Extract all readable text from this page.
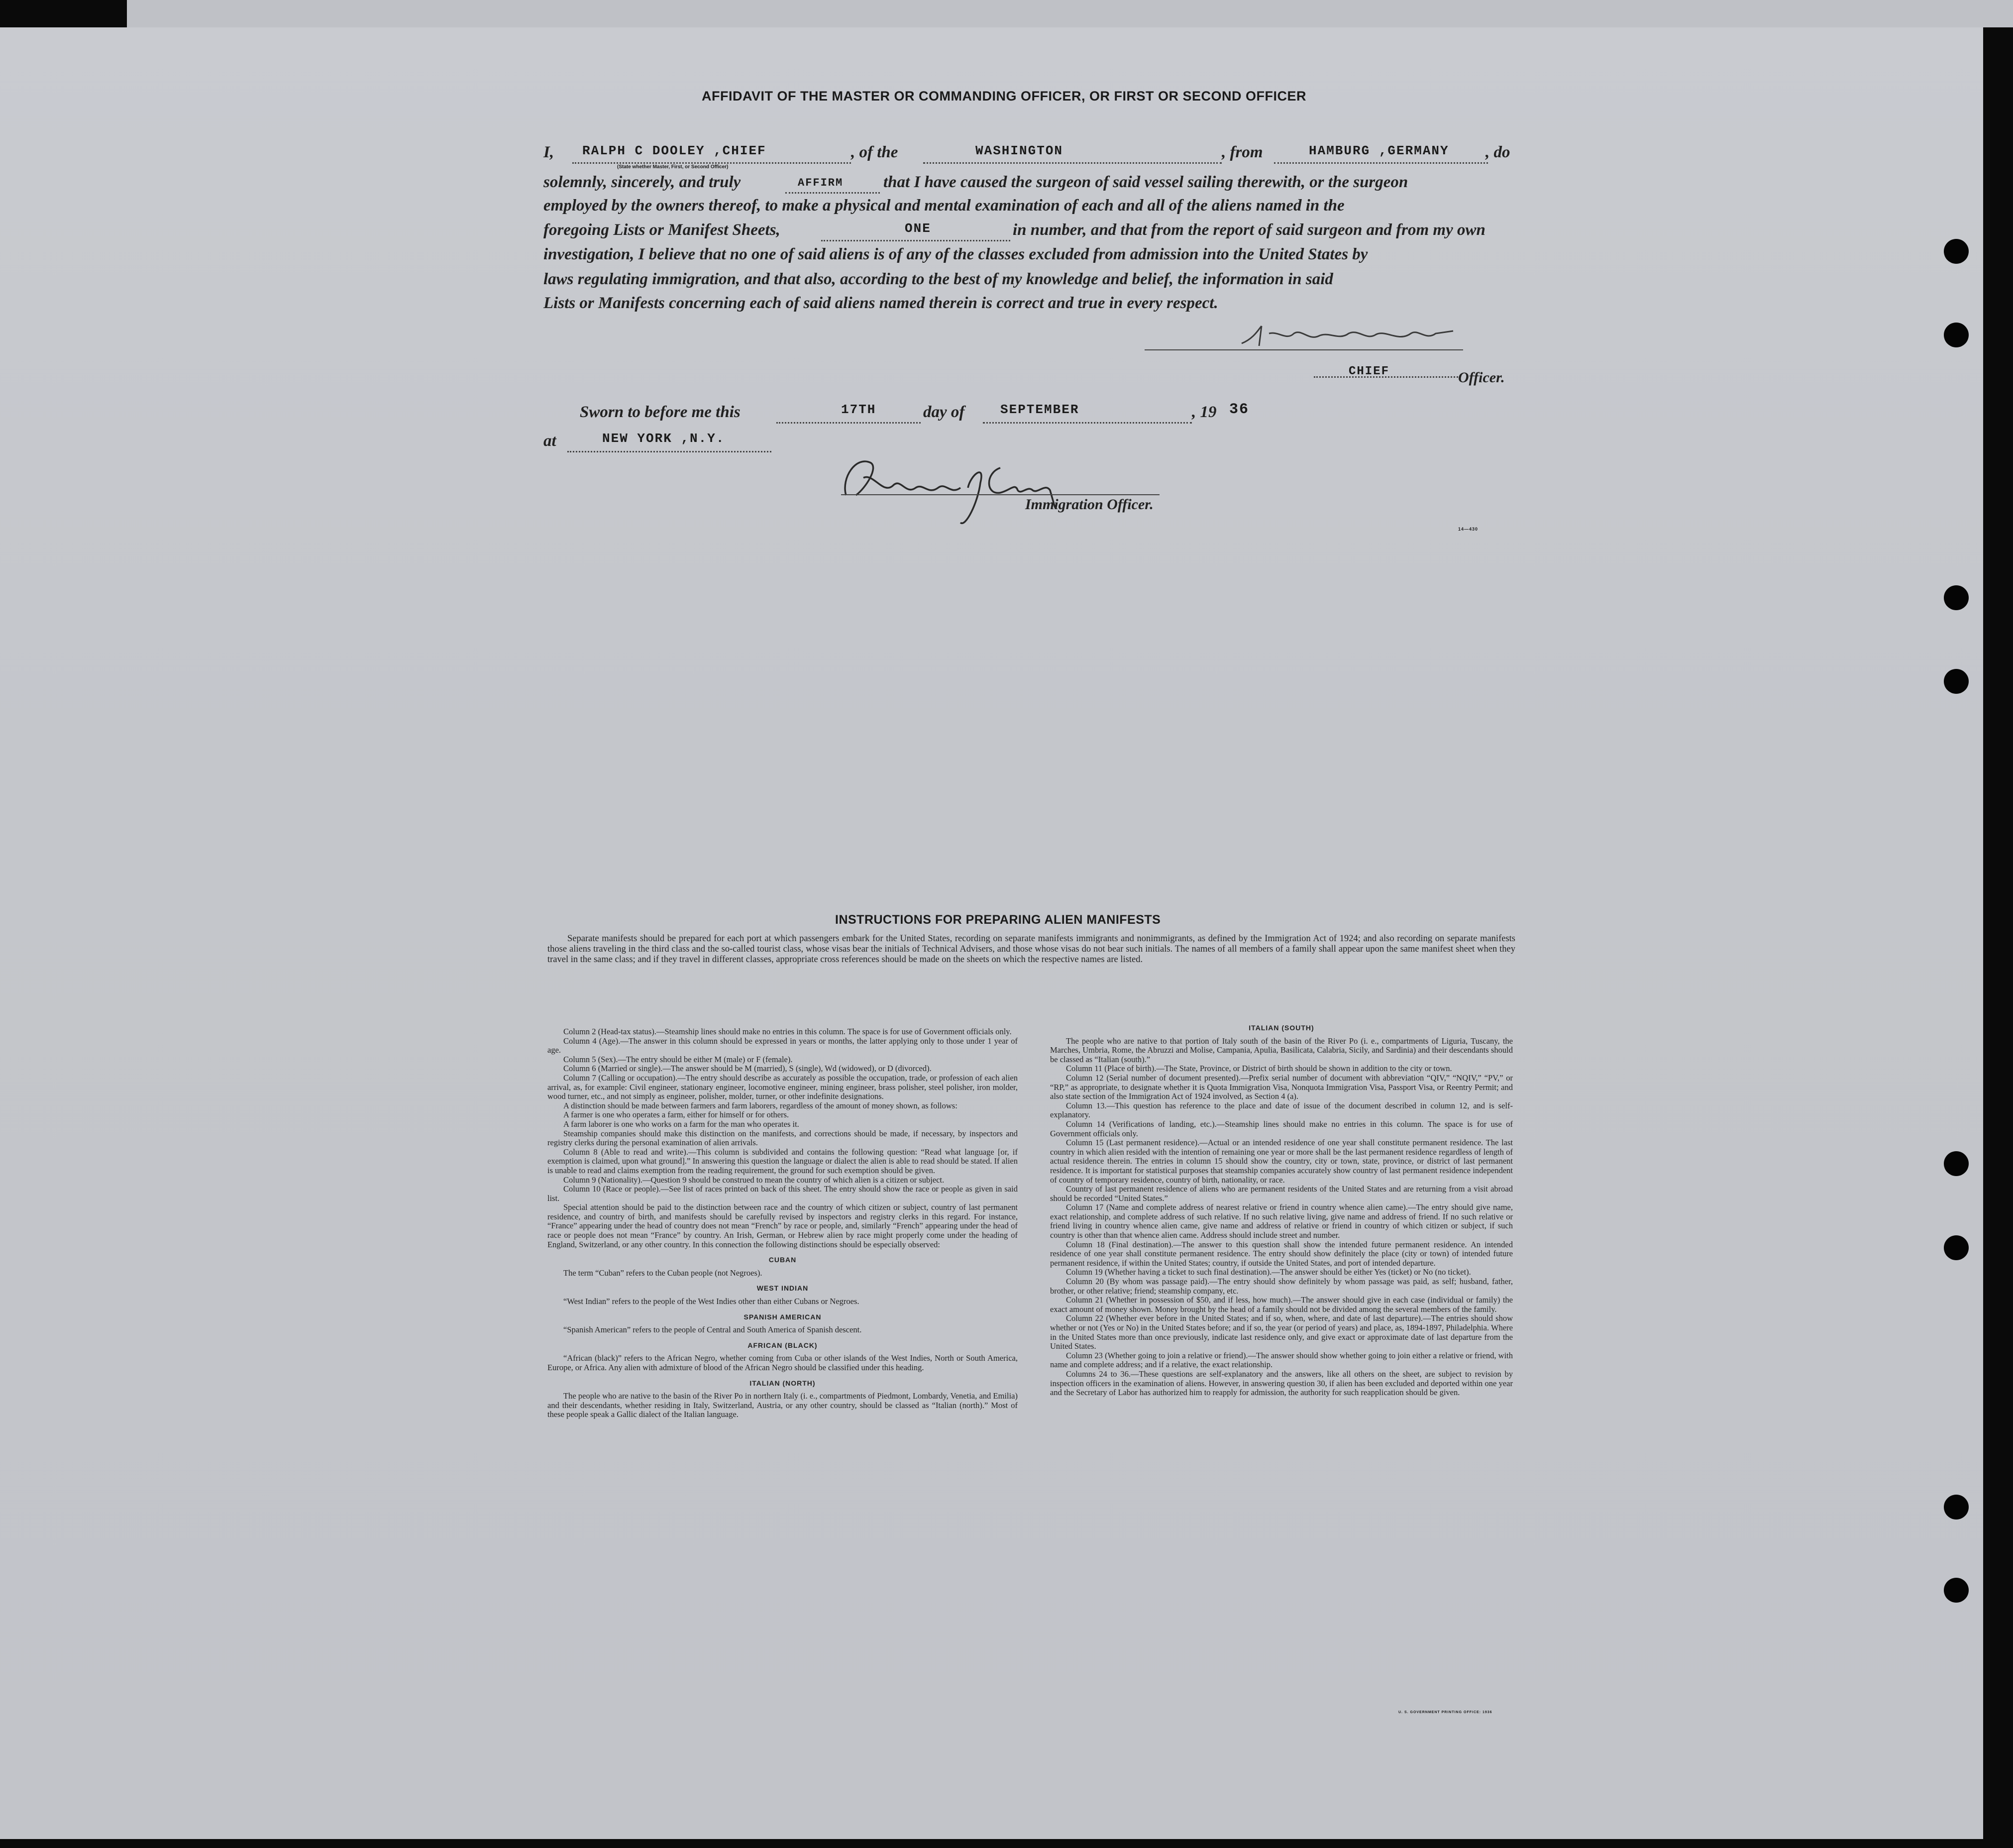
AFFIDAVIT OF THE MASTER OR COMMANDING OFFICER, OR FIRST OR SECOND OFFICER
I, RALPH C DOOLEY ,CHIEF
(State whether Master, First, or Second Officer)
, of the	WASHINGTON	, from	HAMBURG ,GERMANY , do
solemnly, sincerely, and truly	AFFIRM that I have caused the surgeon of said vessel sailing therewith, or the surgeon
employed by the owners thereof, to make a physical and mental examination of each and all of the aliens named in the
foregoing Lists or Manifest Sheets,	ONE	in number, and that from the report of said surgeon and from my own
investigation, I believe that no one of said aliens is of any of the classes excluded from admission into the United States by
laws regulating immigration, and that also, according to the best of my knowledge and belief, the information in said
Lists or Manifests concerning each of said aliens named therein is correct and true in every respect.
CHIEF	Officer.
Sworn to before me this	17TH	day of	SEPTEMBER	, 19 36
at	NEW YORK ,N.Y.
Immigration Officer.
14—430
INSTRUCTIONS FOR PREPARING ALIEN MANIFESTS
Separate manifests should be prepared for each port at which passengers embark for the United States, recording on separate manifests immigrants and nonimmigrants, as defined by the Immigration Act of 1924; and also recording on separate manifests those aliens traveling in the third class and the so-called tourist class, whose visas bear the initials of Technical Advisers, and those whose visas do not bear such initials. The names of all members of a family shall appear upon the same manifest sheet when they travel in the same class; and if they travel in different classes, appropriate cross references should be made on the sheets on which the respective names are listed.

Column 2 (Head-tax status).—Steamship lines should make no entries in this column. The space is for use of Government officials only.

Column 4 (Age).—The answer in this column should be expressed in years or months, the latter applying only to those under 1 year of age.

Column 5 (Sex).—The entry should be either M (male) or F (female).

Column 6 (Married or single).—The answer should be M (married), S (single), Wd (widowed), or D (divorced).

Column 7 (Calling or occupation).—The entry should describe as accurately as possible the occupation, trade, or profession of each alien arrival, as, for example: Civil engineer, stationary engineer, locomotive engineer, mining engineer, brass polisher, steel polisher, iron molder, wood turner, etc., and not simply as engineer, polisher, molder, turner, or other indefinite designations.

A distinction should be made between farmers and farm laborers, regardless of the amount of money shown, as follows:

A farmer is one who operates a farm, either for himself or for others.

A farm laborer is one who works on a farm for the man who operates it.

Steamship companies should make this distinction on the manifests, and corrections should be made, if necessary, by inspectors and registry clerks during the personal examination of alien arrivals.

Column 8 (Able to read and write).—This column is subdivided and contains the following question: “Read what language [or, if exemption is claimed, upon what ground].” In answering this question the language or dialect the alien is able to read should be stated. If alien is unable to read and claims exemption from the reading requirement, the ground for such exemption should be given.

Column 9 (Nationality).—Question 9 should be construed to mean the country of which alien is a citizen or subject.

Column 10 (Race or people).—See list of races printed on back of this sheet. The entry should show the race or people as given in said list.

Special attention should be paid to the distinction between race and the country of which citizen or subject, country of last permanent residence, and country of birth, and manifests should be carefully revised by inspectors and registry clerks in this regard. For instance, “France” appearing under the head of country does not mean “French” by race or people, and, similarly “French” appearing under the head of race or people does not mean “France” by country. An Irish, German, or Hebrew alien by race might properly come under the heading of England, Switzerland, or any other country. In this connection the following distinctions should be especially observed:

CUBAN

The term “Cuban” refers to the Cuban people (not Negroes).

WEST INDIAN

“West Indian” refers to the people of the West Indies other than either Cubans or Negroes.

SPANISH AMERICAN

“Spanish American” refers to the people of Central and South America of Spanish descent.

AFRICAN (BLACK)

“African (black)” refers to the African Negro, whether coming from Cuba or other islands of the West Indies, North or South America, Europe, or Africa. Any alien with admixture of blood of the African Negro should be classified under this heading.

ITALIAN (NORTH)

The people who are native to the basin of the River Po in northern Italy (i. e., compartments of Piedmont, Lombardy, Venetia, and Emilia) and their descendants, whether residing in Italy, Switzerland, Austria, or any other country, should be classed as “Italian (north).” Most of these people speak a Gallic dialect of the Italian language.

ITALIAN (SOUTH)

The people who are native to that portion of Italy south of the basin of the River Po (i. e., compartments of Liguria, Tuscany, the Marches, Umbria, Rome, the Abruzzi and Molise, Campania, Apulia, Basilicata, Calabria, Sicily, and Sardinia) and their descendants should be classed as “Italian (south).”

Column 11 (Place of birth).—The State, Province, or District of birth should be shown in addition to the city or town.

Column 12 (Serial number of document presented).—Prefix serial number of document with abbreviation “QIV,” “NQIV,” “PV,” or “RP,” as appropriate, to designate whether it is Quota Immigration Visa, Nonquota Immigration Visa, Passport Visa, or Reentry Permit; and also state section of the Immigration Act of 1924 involved, as Section 4 (a).

Column 13.—This question has reference to the place and date of issue of the document described in column 12, and is self-explanatory.

Column 14 (Verifications of landing, etc.).—Steamship lines should make no entries in this column. The space is for use of Government officials only.

Column 15 (Last permanent residence).—Actual or an intended residence of one year shall constitute permanent residence. The last country in which alien resided with the intention of remaining one year or more shall be the last permanent residence regardless of length of actual residence therein. The entries in column 15 should show the country, city or town, state, province, or district of last permanent residence. It is important for statistical purposes that steamship companies accurately show country of last permanent residence independent of country of temporary residence, country of birth, nationality, or race.

Country of last permanent residence of aliens who are permanent residents of the United States and are returning from a visit abroad should be recorded “United States.”

Column 17 (Name and complete address of nearest relative or friend in country whence alien came).—The entry should give name, exact relationship, and complete address of such relative. If no such relative living, give name and address of friend. If no such relative or friend living in country whence alien came, give name and address of relative or friend in country of which citizen or subject, if such country is other than that whence alien came. Address should include street and number.

Column 18 (Final destination).—The answer to this question shall show the intended future permanent residence. An intended residence of one year shall constitute permanent residence. The entry should show definitely the place (city or town) of intended future permanent residence, if within the United States; country, if outside the United States, and port of intended departure.

Column 19 (Whether having a ticket to such final destination).—The answer should be either Yes (ticket) or No (no ticket).

Column 20 (By whom was passage paid).—The entry should show definitely by whom passage was paid, as self; husband, father, brother, or other relative; friend; steamship company, etc.

Column 21 (Whether in possession of $50, and if less, how much).—The answer should give in each case (individual or family) the exact amount of money shown. Money brought by the head of a family should not be divided among the several members of the family.

Column 22 (Whether ever before in the United States; and if so, when, where, and date of last departure).—The entries should show whether or not (Yes or No) in the United States before; and if so, the year (or period of years) and place, as, 1894-1897, Philadelphia. Where in the United States more than once previously, indicate last residence only, and give exact or approximate date of last departure from the United States.

Column 23 (Whether going to join a relative or friend).—The answer should show whether going to join either a relative or friend, with name and complete address; and if a relative, the exact relationship.

Columns 24 to 36.—These questions are self-explanatory and the answers, like all others on the sheet, are subject to revision by inspection officers in the examination of aliens. However, in answering question 30, if alien has been excluded and deported within one year and the Secretary of Labor has authorized him to reapply for admission, the authority for such reapplication should be given.

U. S. GOVERNMENT PRINTING OFFICE: 1936
